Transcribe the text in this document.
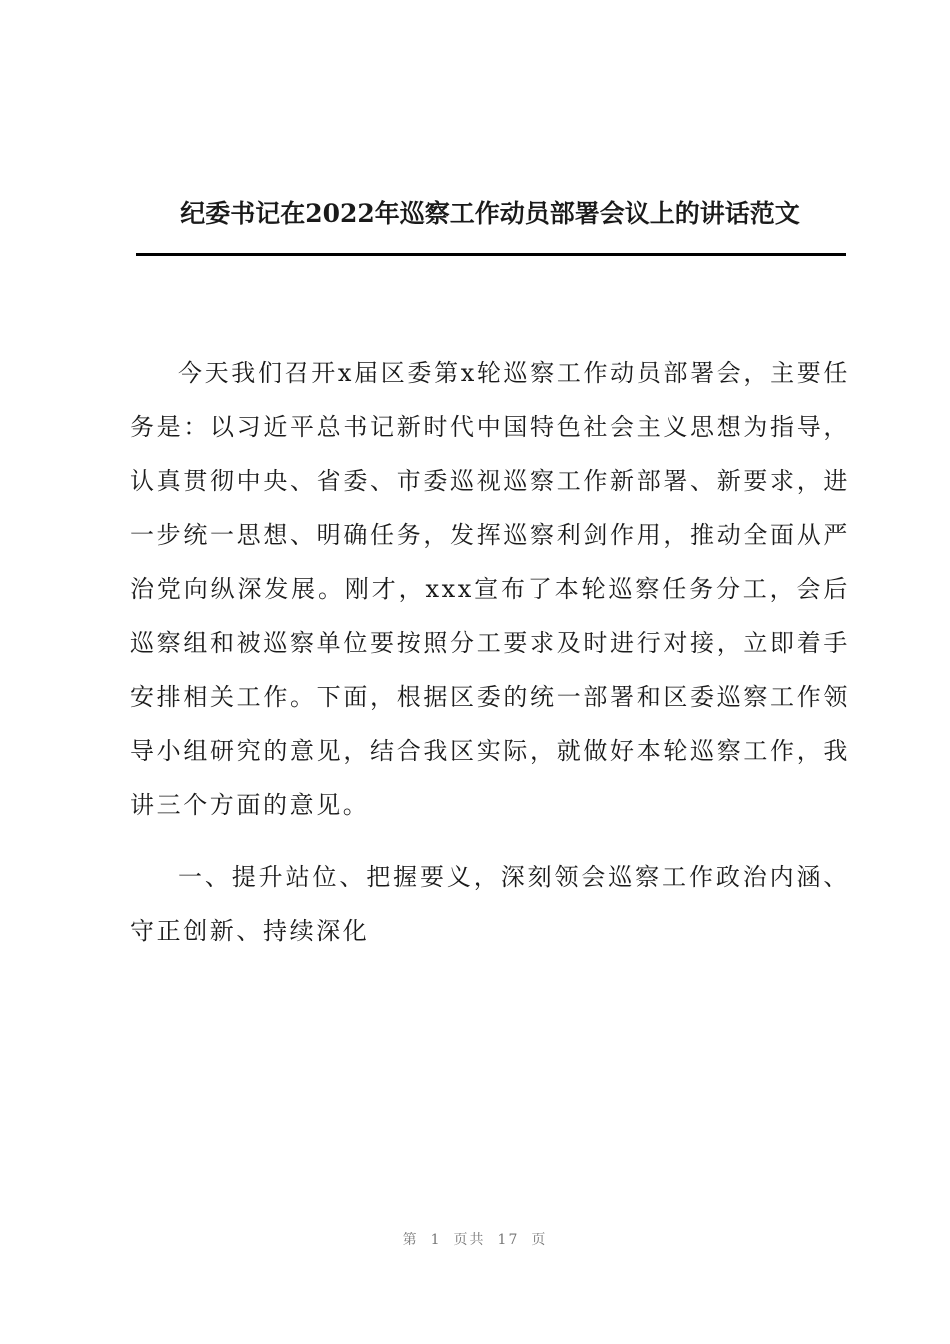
纪委书记在2022年巡察工作动员部署会议上的讲话范文

今天我们召开x届区委第x轮巡察工作动员部署会，主要任务是：以习近平总书记新时代中国特色社会主义思想为指导，认真贯彻中央、省委、市委巡视巡察工作新部署、新要求，进一步统一思想、明确任务，发挥巡察利剑作用，推动全面从严治党向纵深发展。刚才，xxx宣布了本轮巡察任务分工，会后巡察组和被巡察单位要按照分工要求及时进行对接，立即着手安排相关工作。下面，根据区委的统一部署和区委巡察工作领导小组研究的意见，结合我区实际，就做好本轮巡察工作，我讲三个方面的意见。

一、提升站位、把握要义，深刻领会巡察工作政治内涵、守正创新、持续深化

第 1 页共 17 页
